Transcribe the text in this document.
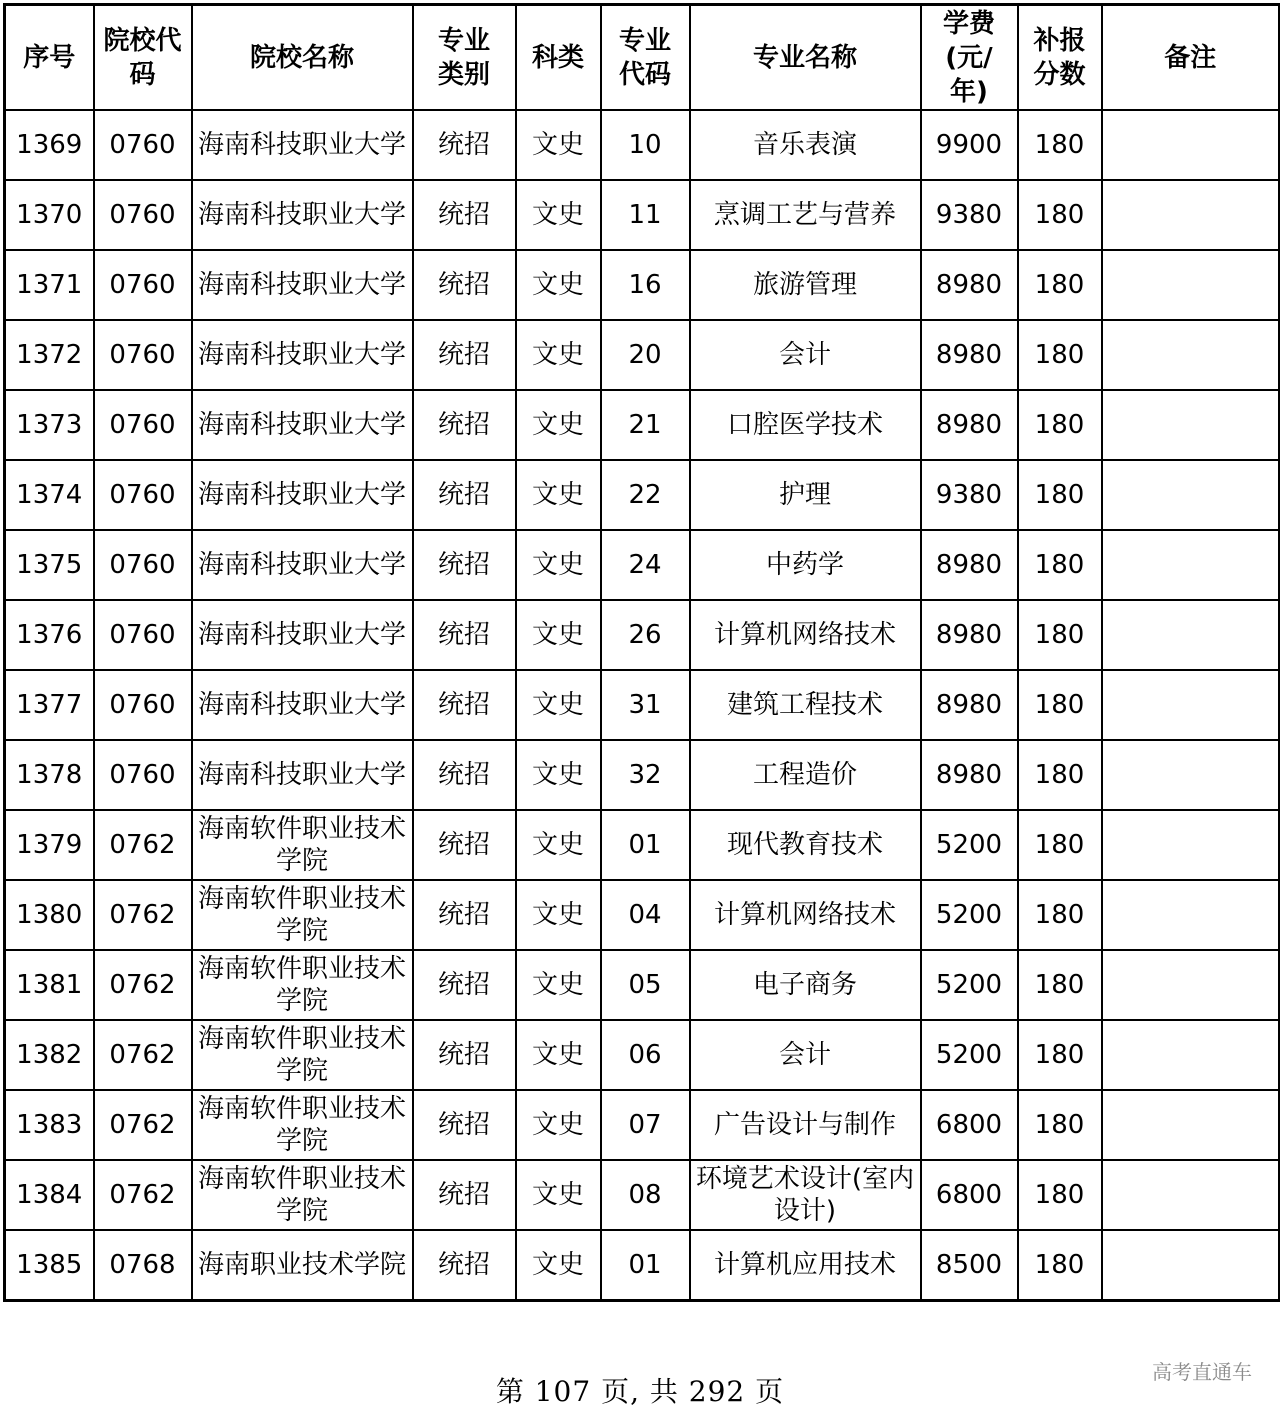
序号	院校代码	院校名称	专业类别	科类	专业代码	专业名称	学费(元/年)	补报分数	备注
1369	0760	海南科技职业大学	统招	文史	10	音乐表演	9900	180	
1370	0760	海南科技职业大学	统招	文史	11	烹调工艺与营养	9380	180	
1371	0760	海南科技职业大学	统招	文史	16	旅游管理	8980	180	
1372	0760	海南科技职业大学	统招	文史	20	会计	8980	180	
1373	0760	海南科技职业大学	统招	文史	21	口腔医学技术	8980	180	
1374	0760	海南科技职业大学	统招	文史	22	护理	9380	180	
1375	0760	海南科技职业大学	统招	文史	24	中药学	8980	180	
1376	0760	海南科技职业大学	统招	文史	26	计算机网络技术	8980	180	
1377	0760	海南科技职业大学	统招	文史	31	建筑工程技术	8980	180	
1378	0760	海南科技职业大学	统招	文史	32	工程造价	8980	180	
1379	0762	海南软件职业技术学院	统招	文史	01	现代教育技术	5200	180	
1380	0762	海南软件职业技术学院	统招	文史	04	计算机网络技术	5200	180	
1381	0762	海南软件职业技术学院	统招	文史	05	电子商务	5200	180	
1382	0762	海南软件职业技术学院	统招	文史	06	会计	5200	180	
1383	0762	海南软件职业技术学院	统招	文史	07	广告设计与制作	6800	180	
1384	0762	海南软件职业技术学院	统招	文史	08	环境艺术设计(室内设计)	6800	180	
1385	0768	海南职业技术学院	统招	文史	01	计算机应用技术	8500	180	
第 107 页, 共 292 页
高考直通车
